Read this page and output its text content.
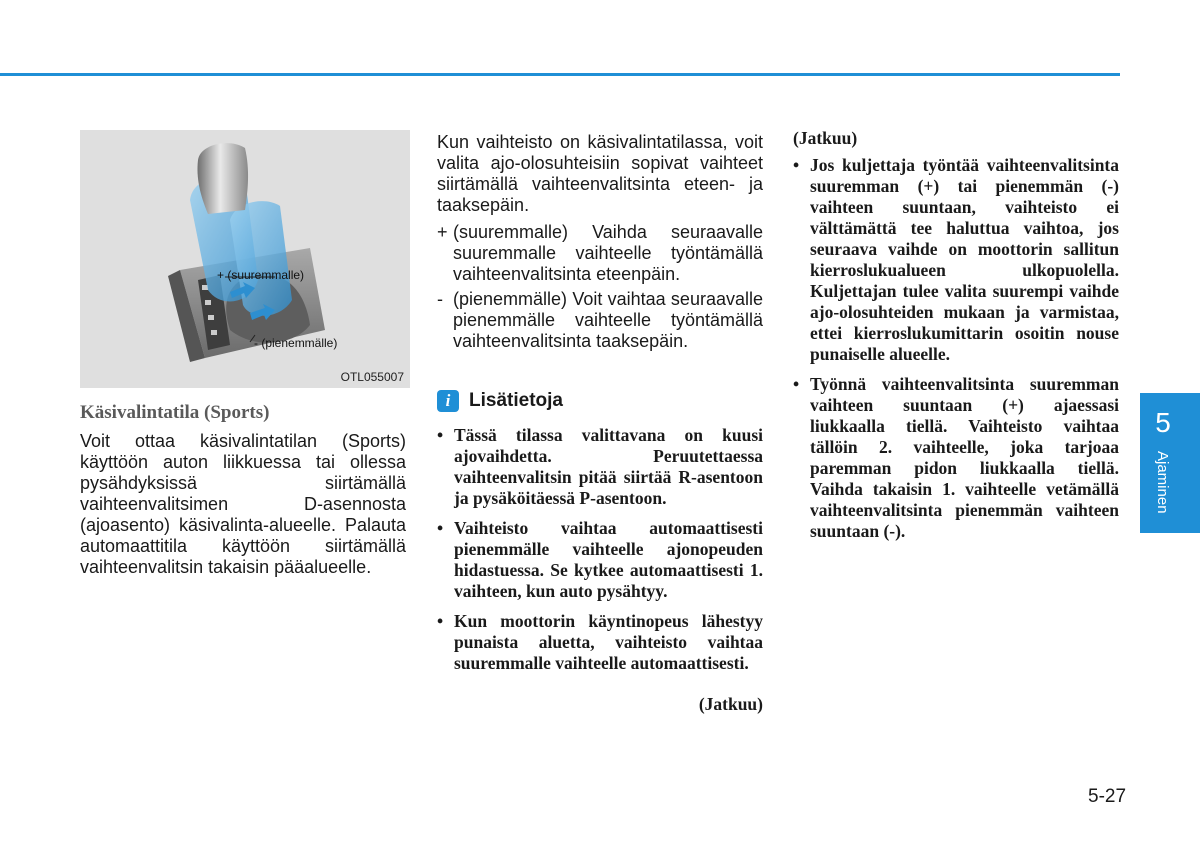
+ (suuremmalle)
- (pienemmälle)
OTL055007
Käsivalintatila (Sports)

Voit ottaa käsivalintatilan (Sports) käyttöön auton liikkuessa tai ollessa pysähdyksissä siirtämällä vaihteenvalitsimen D-asennosta (ajoasento) käsivalinta-alueelle. Palauta automaattitila käyttöön siirtämällä vaihteenvalitsin takaisin pääalueelle.

Kun vaihteisto on käsivalintatilassa, voit valita ajo-olosuhteisiin sopivat vaihteet siirtämällä vaihteenvalitsinta eteen- ja taaksepäin.

+ (suuremmalle) Vaihda seuraavalle suuremmalle vaihteelle työntämällä vaihteenvalitsinta eteenpäin.
- (pienemmälle) Voit vaihtaa seuraavalle pienemmälle vaihteelle työntämällä vaihteenvalitsinta taaksepäin.
i Lisätietoja
• Tässä tilassa valittavana on kuusi ajovaihdetta. Peruutettaessa vaihteenvalitsin pitää siirtää R-asentoon ja pysäköitäessä P-asentoon.
• Vaihteisto vaihtaa automaattisesti pienemmälle vaihteelle ajonopeuden hidastuessa. Se kytkee automaattisesti 1. vaihteen, kun auto pysähtyy.
• Kun moottorin käyntinopeus lähestyy punaista aluetta, vaihteisto vaihtaa suuremmalle vaihteelle automaattisesti.
(Jatkuu)
(Jatkuu)
• Jos kuljettaja työntää vaihteenvalitsinta suuremman (+) tai pienemmän (-) vaihteen suuntaan, vaihteisto ei välttämättä tee haluttua vaihtoa, jos seuraava vaihde on moottorin sallitun kierroslukualueen ulkopuolella. Kuljettajan tulee valita suurempi vaihde ajo-olosuhteiden mukaan ja varmistaa, ettei kierroslukumittarin osoitin nouse punaiselle alueelle.
• Työnnä vaihteenvalitsinta suuremman vaihteen suuntaan (+) ajaessasi liukkaalla tiellä. Vaihteisto vaihtaa tällöin 2. vaihteelle, joka tarjoaa paremman pidon liukkaalla tiellä. Vaihda takaisin 1. vaihteelle vetämällä vaihteenvalitsinta pienemmän vaihteen suuntaan (-).
5
Ajaminen
5-27
